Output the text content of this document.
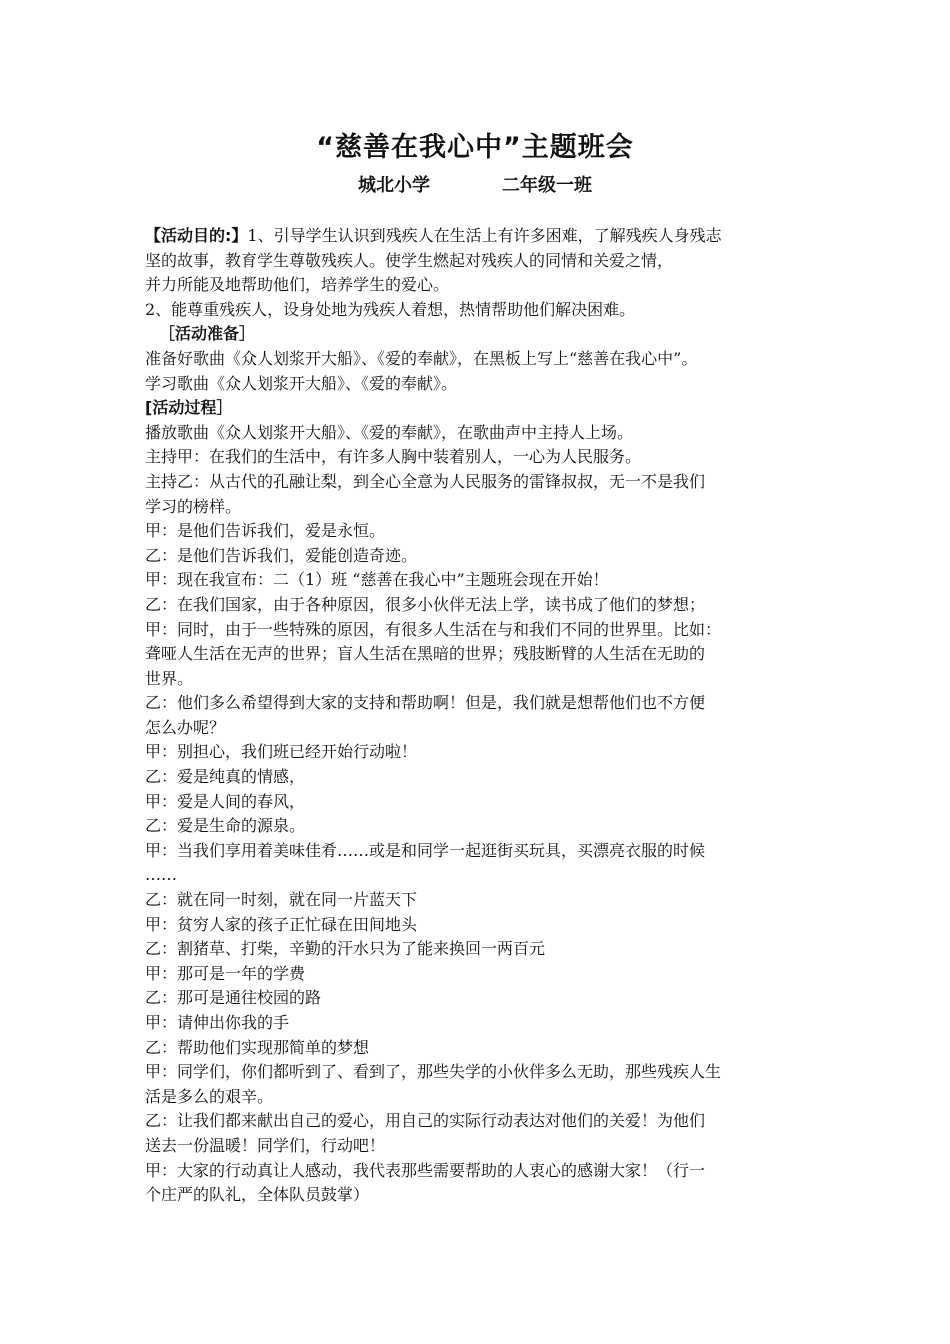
“慈善在我心中”主题班会
城北小学	二年级一班
【活动目的:】1、引导学生认识到残疾人在生活上有许多困难，了解残疾人身残志
坚的故事，教育学生尊敬残疾人。使学生燃起对残疾人的同情和关爱之情，
并力所能及地帮助他们，培养学生的爱心。
2、能尊重残疾人，设身处地为残疾人着想，热情帮助他们解决困难。
［活动准备］
准备好歌曲《众人划浆开大船》、《爱的奉献》，在黑板上写上“慈善在我心中”。
学习歌曲《众人划浆开大船》、《爱的奉献》。
[活动过程］
播放歌曲《众人划浆开大船》、《爱的奉献》，在歌曲声中主持人上场。
主持甲：在我们的生活中，有许多人胸中装着别人，一心为人民服务。
主持乙：从古代的孔融让梨，到全心全意为人民服务的雷锋叔叔，无一不是我们
学习的榜样。
甲：是他们告诉我们，爱是永恒。
乙：是他们告诉我们，爱能创造奇迹。
甲：现在我宣布：二（1）班 “慈善在我心中”主题班会现在开始！
乙：在我们国家，由于各种原因，很多小伙伴无法上学，读书成了他们的梦想；
甲：同时，由于一些特殊的原因，有很多人生活在与和我们不同的世界里。比如：
聋哑人生活在无声的世界；盲人生活在黑暗的世界；残肢断臂的人生活在无助的
世界。
乙：他们多么希望得到大家的支持和帮助啊！但是，我们就是想帮他们也不方便
怎么办呢？
甲：别担心，我们班已经开始行动啦！
乙：爱是纯真的情感，
甲：爱是人间的春风，
乙：爱是生命的源泉。
甲：当我们享用着美味佳肴……或是和同学一起逛街买玩具，买漂亮衣服的时候
……
乙：就在同一时刻，就在同一片蓝天下
甲：贫穷人家的孩子正忙碌在田间地头
乙：割猪草、打柴，辛勤的汗水只为了能来换回一两百元
甲：那可是一年的学费
乙：那可是通往校园的路
甲：请伸出你我的手
乙：帮助他们实现那简单的梦想
甲：同学们，你们都听到了、看到了，那些失学的小伙伴多么无助，那些残疾人生
活是多么的艰辛。
乙：让我们都来献出自己的爱心，用自己的实际行动表达对他们的关爱！为他们
送去一份温暖！同学们，行动吧！
甲：大家的行动真让人感动，我代表那些需要帮助的人衷心的感谢大家！（行一
个庄严的队礼，全体队员鼓掌）
